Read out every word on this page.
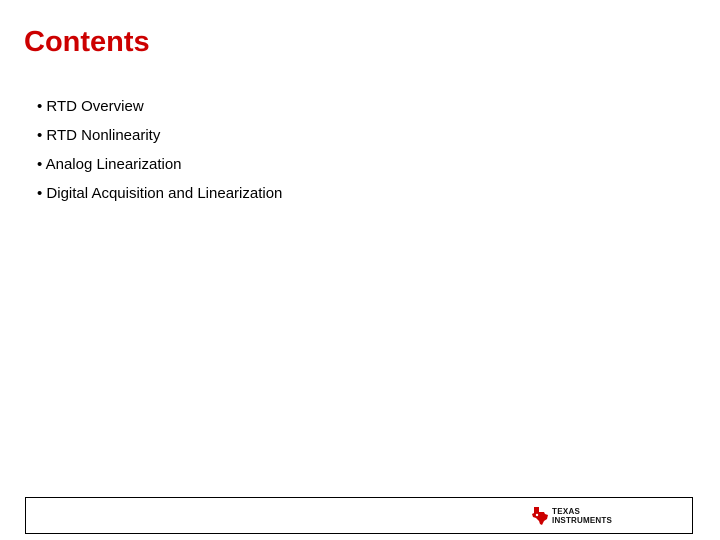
Contents
• RTD Overview
• RTD Nonlinearity
• Analog Linearization
• Digital Acquisition and Linearization
TEXAS
INSTRUMENTS
